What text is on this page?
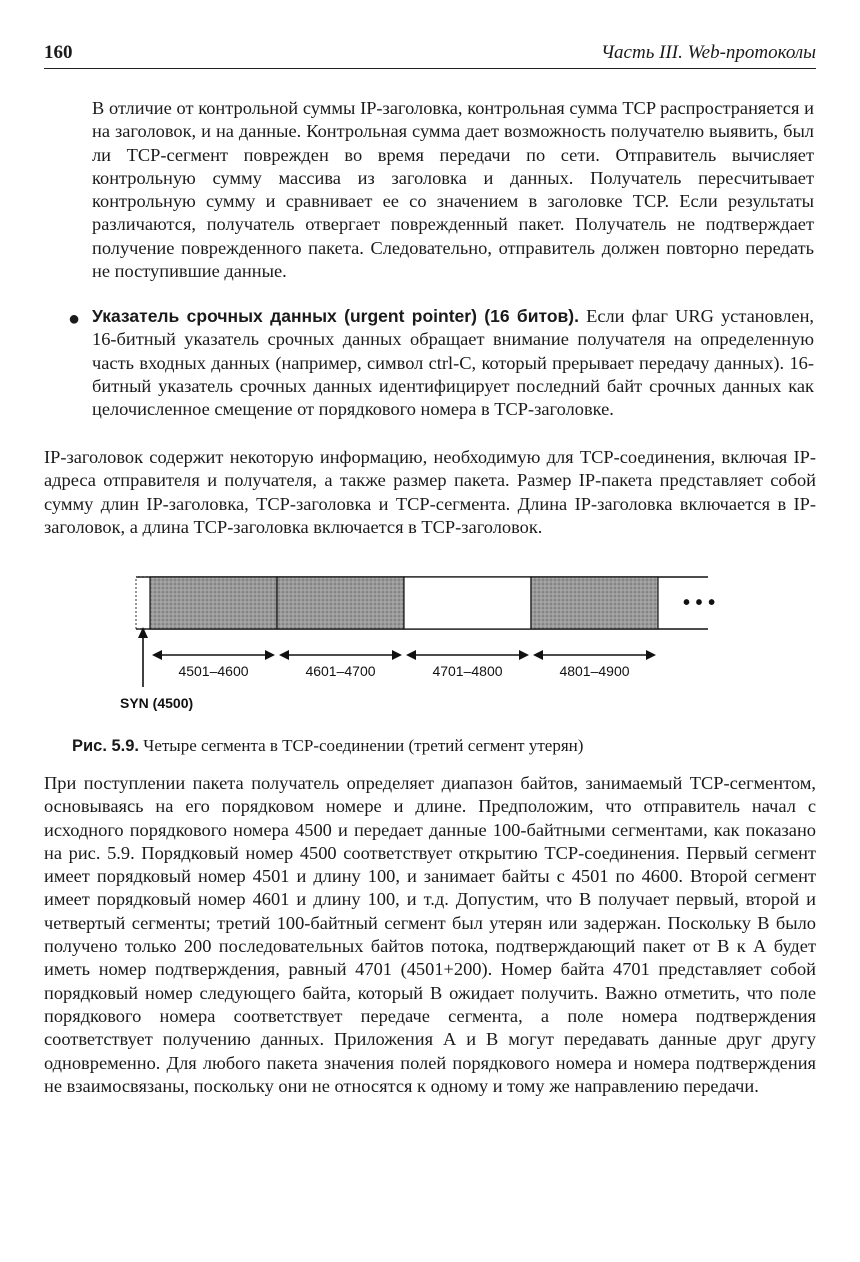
160	Часть III. Web-протоколы

В отличие от контрольной суммы IP-заголовка, контрольная сумма TCP распространяется и на заголовок, и на данные. Контрольная сумма дает возможность получателю выявить, был ли TCP-сегмент поврежден во время передачи по сети. Отправитель вычисляет контрольную сумму массива из заголовка и данных. Получатель пересчитывает контрольную сумму и сравнивает ее со значением в заголовке TCP. Если результаты различаются, получатель отвергает поврежденный пакет. Получатель не подтверждает получение поврежденного пакета. Следовательно, отправитель должен повторно передать не поступившие данные.

● Указатель срочных данных (urgent pointer) (16 битов). Если флаг URG установлен, 16-битный указатель срочных данных обращает внимание получателя на определенную часть входных данных (например, символ ctrl-C, который прерывает передачу данных). 16-битный указатель срочных данных идентифицирует последний байт срочных данных как целочисленное смещение от порядкового номера в TCP-заголовке.

IP-заголовок содержит некоторую информацию, необходимую для TCP-соединения, включая IP-адреса отправителя и получателя, а также размер пакета. Размер IP-пакета представляет собой сумму длин IP-заголовка, TCP-заголовка и TCP-сегмента. Длина IP-заголовка включается в IP-заголовок, а длина TCP-заголовка включается в TCP-заголовок.

• • •
4501–4600	4601–4700	4701–4800	4801–4900
SYN (4500)
Рис. 5.9. Четыре сегмента в TCP-соединении (третий сегмент утерян)

При поступлении пакета получатель определяет диапазон байтов, занимаемый TCP-сегментом, основываясь на его порядковом номере и длине. Предположим, что отправитель начал с исходного порядкового номера 4500 и передает данные 100-байтными сегментами, как показано на рис. 5.9. Порядковый номер 4500 соответствует открытию TCP-соединения. Первый сегмент имеет порядковый номер 4501 и длину 100, и занимает байты с 4501 по 4600. Второй сегмент имеет порядковый номер 4601 и длину 100, и т.д. Допустим, что В получает первый, второй и четвертый сегменты; третий 100-байтный сегмент был утерян или задержан. Поскольку В было получено только 200 последовательных байтов потока, подтверждающий пакет от В к А будет иметь номер подтверждения, равный 4701 (4501+200). Номер байта 4701 представляет собой порядковый номер следующего байта, который В ожидает получить. Важно отметить, что поле порядкового номера соответствует передаче сегмента, а поле номера подтверждения соответствует получению данных. Приложения А и В могут передавать данные друг другу одновременно. Для любого пакета значения полей порядкового номера и номера подтверждения не взаимосвязаны, поскольку они не относятся к одному и тому же направлению передачи.
